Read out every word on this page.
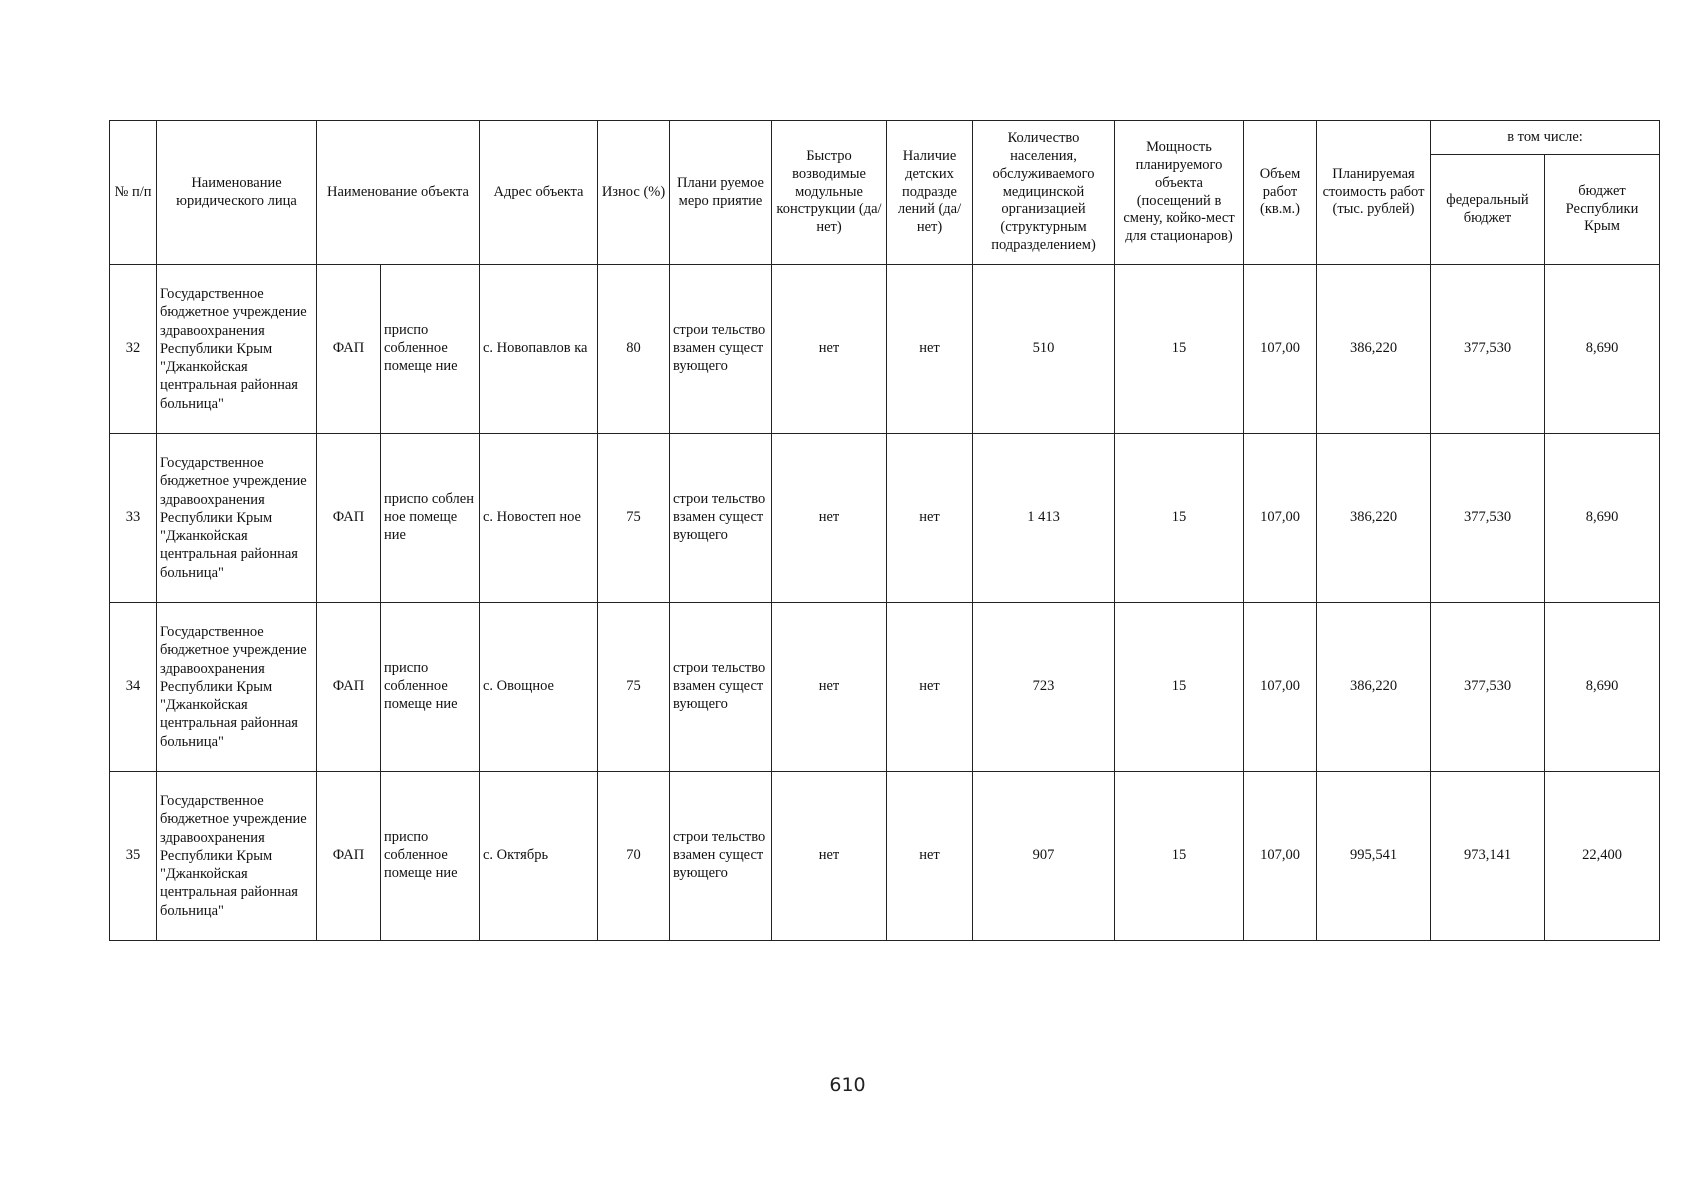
№ п/п	Наименование юридического лица	Наименование объекта		Адрес объекта	Износ (%)	Плани руемое меро приятие	Быстро возводимые модульные конструкции (да/нет)	Наличие детских подразде лений (да/нет)	Количество населения, обслуживаемого медицинской организацией (структурным подразделением)	Мощность планируемого объекта (посещений в смену, койко-мест для стационаров)	Объем работ (кв.м.)	Планируемая стоимость работ (тыс. рублей)	в том числе:	
													федеральный бюджет	бюджет Республики Крым
32	Государственное бюджетное учреждение здравоохранения Республики Крым "Джанкойская центральная районная больница"	ФАП	приспо собленное помеще ние	с. Новопавлов ка	80	строи тельство взамен сущест вующего	нет	нет	510	15	107,00	386,220	377,530	8,690
33	Государственное бюджетное учреждение здравоохранения Республики Крым "Джанкойская центральная районная больница"	ФАП	приспо соблен ное помеще ние	с. Новостеп ное	75	строи тельство взамен сущест вующего	нет	нет	1 413	15	107,00	386,220	377,530	8,690
34	Государственное бюджетное учреждение здравоохранения Республики Крым "Джанкойская центральная районная больница"	ФАП	приспо собленное помеще ние	с. Овощное	75	строи тельство взамен сущест вующего	нет	нет	723	15	107,00	386,220	377,530	8,690
35	Государственное бюджетное учреждение здравоохранения Республики Крым "Джанкойская центральная районная больница"	ФАП	приспо собленное помеще ние	с. Октябрь	70	строи тельство взамен сущест вующего	нет	нет	907	15	107,00	995,541	973,141	22,400
610
